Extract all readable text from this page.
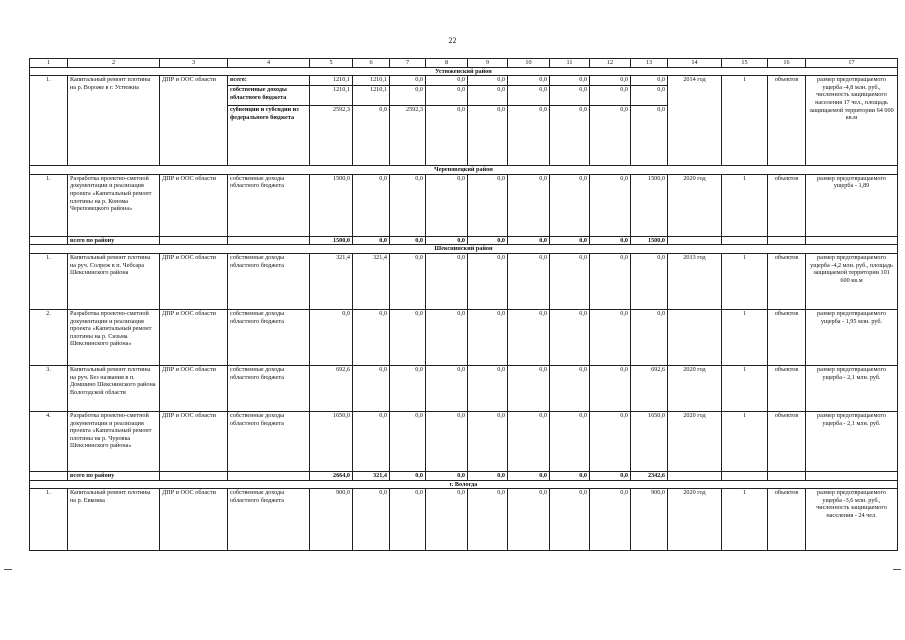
22
1	2	3	4	5	6	7	8	9	10	11	12	13	14	15	16	17
Устюженский район																
1.	Капитальный ремонт плотины на р. Вороже в г. Устюжна	ДПР и ООС области	всего:	1210,1	1210,1	0,0	0,0	0,0	0,0	0,0	0,0	0,0	2014 год	1	объектов	размер предотвращаемого ущерба -4,8 млн. руб., численность защищаемого населения 17 чел., площадь защищаемой территории 64 000 кв.м
			собственные доходы областного бюджета	1210,1	1210,1	0,0	0,0	0,0	0,0	0,0	0,0	0,0				
			субвенции и субсидии из федерального бюджета	2592,3	0,0	2592,3	0,0	0,0	0,0	0,0	0,0	0,0				
Череповецкий район																
1.	Разработка проектно-сметной документации и реализация проекта «Капитальный ремонт плотины на р. Конома Череповецкого района»	ДПР и ООС области	собственные доходы областного бюджета	1500,0	0,0	0,0	0,0	0,0	0,0	0,0	0,0	1500,0	2020 год	1	объектов	размер предотвращаемого ущерба - 1,89
	всего по району			1500,0	0,0	0,0	0,0	0,0	0,0	0,0	0,0	1500,0				
Шекснинский район																
1.	Капитальный ремонт плотины на руч. Солреж в п. Чебсара Шекснинского района	ДПР и ООС области	собственные доходы областного бюджета	321,4	321,4	0,0	0,0	0,0	0,0	0,0	0,0	0,0	2013 год	1	объектов	размер предотвращаемого ущерба -4,2 млн. руб., площадь защищаемой территории 101 600 кв.м
2.	Разработка проектно-сметной документации и реализация проекта «Капитальный ремонт плотины на р. Сизьма Шекснинского района»	ДПР и ООС области	собственные доходы областного бюджета	0,0	0,0	0,0	0,0	0,0	0,0	0,0	0,0	0,0		1	объектов	размер предотвращаемого ущерба - 1,95 млн. руб.
3.	Капитальный ремонт плотины на руч. Без названия в п. Домшино Шекснинского района Вологодской области	ДПР и ООС области	собственные доходы областного бюджета	692,6	0,0	0,0	0,0	0,0	0,0	0,0	0,0	692,6	2020 год	1	объектов	размер предотвращаемого ущерба - 2,1 млн. руб.
4.	Разработка проектно-сметной документации и реализация проекта «Капитальный ремонт плотины на р. Чуровка Шекснинского района»	ДПР и ООС области	собственные доходы областного бюджета	1650,0	0,0	0,0	0,0	0,0	0,0	0,0	0,0	1650,0	2020 год	1	объектов	размер предотвращаемого ущерба - 2,1 млн. руб.
	всего по району			2664,0	321,4	0,0	0,0	0,0	0,0	0,0	0,0	2342,6				
г. Вологда																
1.	Капитальный ремонт плотины на р. Евковка	ДПР и ООС области	собственные доходы областного бюджета	900,0	0,0	0,0	0,0	0,0	0,0	0,0	0,0	900,0	2020 год	1	объектов	размер предотвращаемого ущерба -3,6 млн. руб., численность защищаемого населения - 24 чел.
